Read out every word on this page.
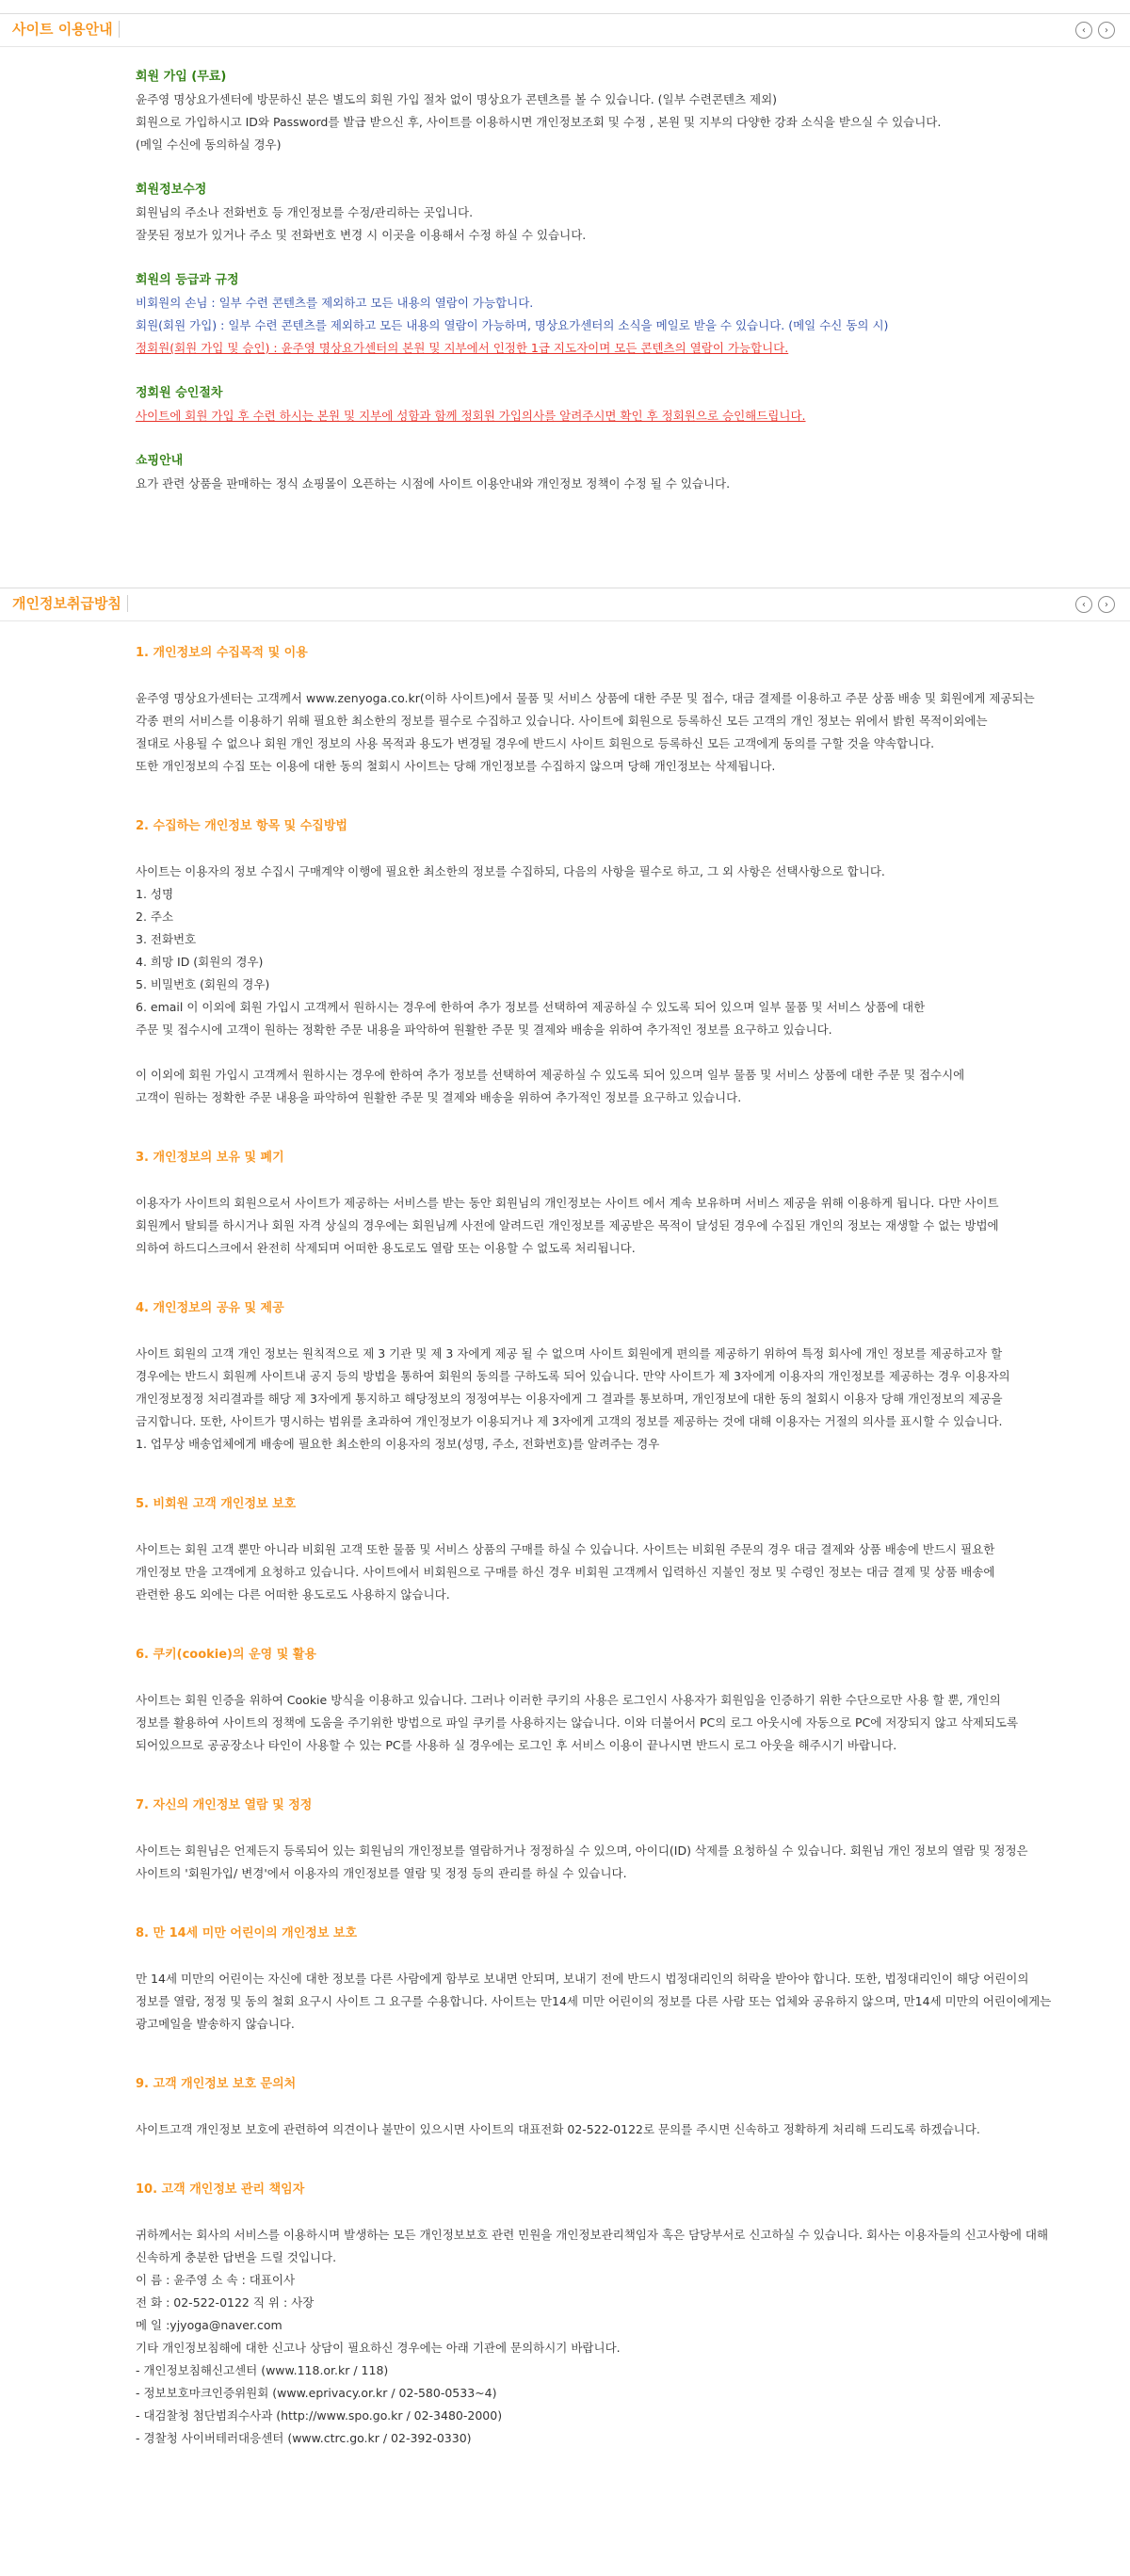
사이트 이용안내	‹	›

회원 가입 (무료)

윤주영 명상요가센터에 방문하신 분은 별도의 회원 가입 절차 없이 명상요가 콘텐츠를 볼 수 있습니다. (일부 수련콘텐츠 제외)

회원으로 가입하시고 ID와 Password를 발급 받으신 후, 사이트를 이용하시면 개인정보조회 및 수정 , 본원 및 지부의 다양한 강좌 소식을 받으실 수 있습니다.

(메일 수신에 동의하실 경우)

회원정보수정

회원님의 주소나 전화번호 등 개인정보를 수정/관리하는 곳입니다.

잘못된 정보가 있거나 주소 및 전화번호 변경 시 이곳을 이용해서 수정 하실 수 있습니다.

회원의 등급과 규정

비회원의 손님 : 일부 수련 콘텐츠를 제외하고 모든 내용의 열람이 가능합니다.

회원(회원 가입) : 일부 수련 콘텐츠를 제외하고 모든 내용의 열람이 가능하며, 명상요가센터의 소식을 메일로 받을 수 있습니다. (메일 수신 동의 시)

정회원(회원 가입 및 승인) : 윤주영 명상요가센터의 본원 및 지부에서 인정한 1급 지도자이며 모든 콘텐츠의 열람이 가능합니다.

정회원 승인절차

사이트에 회원 가입 후 수련 하시는 본원 및 지부에 성함과 함께 정회원 가입의사를 알려주시면 확인 후 정회원으로 승인해드립니다.

쇼핑안내

요가 관련 상품을 판매하는 정식 쇼핑몰이 오픈하는 시점에 사이트 이용안내와 개인정보 정책이 수정 될 수 있습니다.

개인정보취급방침	‹	›

1. 개인정보의 수집목적 및 이용

윤주영 명상요가센터는 고객께서 www.zenyoga.co.kr(이하 사이트)에서 물품 및 서비스 상품에 대한 주문 및 접수, 대금 결제를 이용하고 주문 상품 배송 및 회원에게 제공되는

각종 편의 서비스를 이용하기 위해 필요한 최소한의 정보를 필수로 수집하고 있습니다. 사이트에 회원으로 등록하신 모든 고객의 개인 정보는 위에서 밝힌 목적이외에는

절대로 사용될 수 없으나 회원 개인 정보의 사용 목적과 용도가 변경될 경우에 반드시 사이트 회원으로 등록하신 모든 고객에게 동의를 구할 것을 약속합니다.

또한 개인정보의 수집 또는 이용에 대한 동의 철회시 사이트는 당해 개인정보를 수집하지 않으며 당해 개인정보는 삭제됩니다.

2. 수집하는 개인정보 항목 및 수집방법

사이트는 이용자의 정보 수집시 구매계약 이행에 필요한 최소한의 정보를 수집하되, 다음의 사항을 필수로 하고, 그 외 사항은 선택사항으로 합니다.

1. 성명

2. 주소

3. 전화번호

4. 희망 ID (회원의 경우)

5. 비밀번호 (회원의 경우)

6. email 이 이외에 회원 가입시 고객께서 원하시는 경우에 한하여 추가 정보를 선택하여 제공하실 수 있도록 되어 있으며 일부 물품 및 서비스 상품에 대한

주문 및 접수시에 고객이 원하는 정확한 주문 내용을 파악하여 원활한 주문 및 결제와 배송을 위하여 추가적인 정보를 요구하고 있습니다.

이 이외에 회원 가입시 고객께서 원하시는 경우에 한하여 추가 정보를 선택하여 제공하실 수 있도록 되어 있으며 일부 물품 및 서비스 상품에 대한 주문 및 접수시에

고객이 원하는 정확한 주문 내용을 파악하여 원활한 주문 및 결제와 배송을 위하여 추가적인 정보를 요구하고 있습니다.

3. 개인정보의 보유 및 폐기

이용자가 사이트의 회원으로서 사이트가 제공하는 서비스를 받는 동안 회원님의 개인정보는 사이트 에서 계속 보유하며 서비스 제공을 위해 이용하게 됩니다. 다만 사이트

회원께서 탈퇴를 하시거나 회원 자격 상실의 경우에는 회원님께 사전에 알려드린 개인정보를 제공받은 목적이 달성된 경우에 수집된 개인의 정보는 재생할 수 없는 방법에

의하여 하드디스크에서 완전히 삭제되며 어떠한 용도로도 열람 또는 이용할 수 없도록 처리됩니다.

4. 개인정보의 공유 및 제공

사이트 회원의 고객 개인 정보는 원칙적으로 제 3 기관 및 제 3 자에게 제공 될 수 없으며 사이트 회원에게 편의를 제공하기 위하여 특정 회사에 개인 정보를 제공하고자 할

경우에는 반드시 회원께 사이트내 공지 등의 방법을 통하여 회원의 동의를 구하도록 되어 있습니다. 만약 사이트가 제 3자에게 이용자의 개인정보를 제공하는 경우 이용자의

개인정보정정 처리결과를 해당 제 3자에게 통지하고 해당정보의 정정여부는 이용자에게 그 결과를 통보하며, 개인정보에 대한 동의 철회시 이용자 당해 개인정보의 제공을

금지합니다. 또한, 사이트가 명시하는 범위를 초과하여 개인정보가 이용되거나 제 3자에게 고객의 정보를 제공하는 것에 대해 이용자는 거절의 의사를 표시할 수 있습니다.

1. 업무상 배송업체에게 배송에 필요한 최소한의 이용자의 정보(성명, 주소, 전화번호)를 알려주는 경우

5. 비회원 고객 개인정보 보호

사이트는 회원 고객 뿐만 아니라 비회원 고객 또한 물품 및 서비스 상품의 구매를 하실 수 있습니다. 사이트는 비회원 주문의 경우 대금 결제와 상품 배송에 반드시 필요한

개인정보 만을 고객에게 요청하고 있습니다. 사이트에서 비회원으로 구매를 하신 경우 비회원 고객께서 입력하신 지불인 정보 및 수령인 정보는 대금 결제 및 상품 배송에

관련한 용도 외에는 다른 어떠한 용도로도 사용하지 않습니다.

6. 쿠키(cookie)의 운영 및 활용

사이트는 회원 인증을 위하여 Cookie 방식을 이용하고 있습니다. 그러나 이러한 쿠키의 사용은 로그인시 사용자가 회원임을 인증하기 위한 수단으로만 사용 할 뿐, 개인의

정보를 활용하여 사이트의 정책에 도움을 주기위한 방법으로 파일 쿠키를 사용하지는 않습니다. 이와 더불어서 PC의 로그 아웃시에 자동으로 PC에 저장되지 않고 삭제되도록

되어있으므로 공공장소나 타인이 사용할 수 있는 PC를 사용하 실 경우에는 로그인 후 서비스 이용이 끝나시면 반드시 로그 아웃을 해주시기 바랍니다.

7. 자신의 개인정보 열람 및 정정

사이트는 회원님은 언제든지 등록되어 있는 회원님의 개인정보를 열람하거나 정정하실 수 있으며, 아이디(ID) 삭제를 요청하실 수 있습니다. 회원님 개인 정보의 열람 및 정정은

사이트의 '회원가입/ 변경'에서 이용자의 개인정보를 열람 및 정정 등의 관리를 하실 수 있습니다.

8. 만 14세 미만 어린이의 개인정보 보호

만 14세 미만의 어린이는 자신에 대한 정보를 다른 사람에게 함부로 보내면 안되며, 보내기 전에 반드시 법정대리인의 허락을 받아야 합니다. 또한, 법정대리인이 해당 어린이의

정보를 열람, 정정 및 동의 철회 요구시 사이트 그 요구를 수용합니다. 사이트는 만14세 미만 어린이의 정보를 다른 사람 또는 업체와 공유하지 않으며, 만14세 미만의 어린이에게는

광고메일을 발송하지 않습니다.

9. 고객 개인정보 보호 문의처

사이트고객 개인정보 보호에 관련하여 의견이나 불만이 있으시면 사이트의 대표전화 02-522-0122로 문의를 주시면 신속하고 정확하게 처리해 드리도록 하겠습니다.

10. 고객 개인정보 관리 책임자

귀하께서는 회사의 서비스를 이용하시며 발생하는 모든 개인정보보호 관련 민원을 개인정보관리책임자 혹은 담당부서로 신고하실 수 있습니다. 회사는 이용자들의 신고사항에 대해

신속하게 충분한 답변을 드릴 것입니다.

이 름 : 윤주영 소 속 : 대표이사

전 화 : 02-522-0122 직 위 : 사장

메 일 :yjyoga@naver.com

기타 개인정보침해에 대한 신고나 상담이 필요하신 경우에는 아래 기관에 문의하시기 바랍니다.

- 개인정보침해신고센터 (www.118.or.kr / 118)

- 정보보호마크인증위원회 (www.eprivacy.or.kr / 02-580-0533~4)

- 대검찰청 첨단범죄수사과 (http://www.spo.go.kr / 02-3480-2000)

- 경찰청 사이버테러대응센터 (www.ctrc.go.kr / 02-392-0330)
